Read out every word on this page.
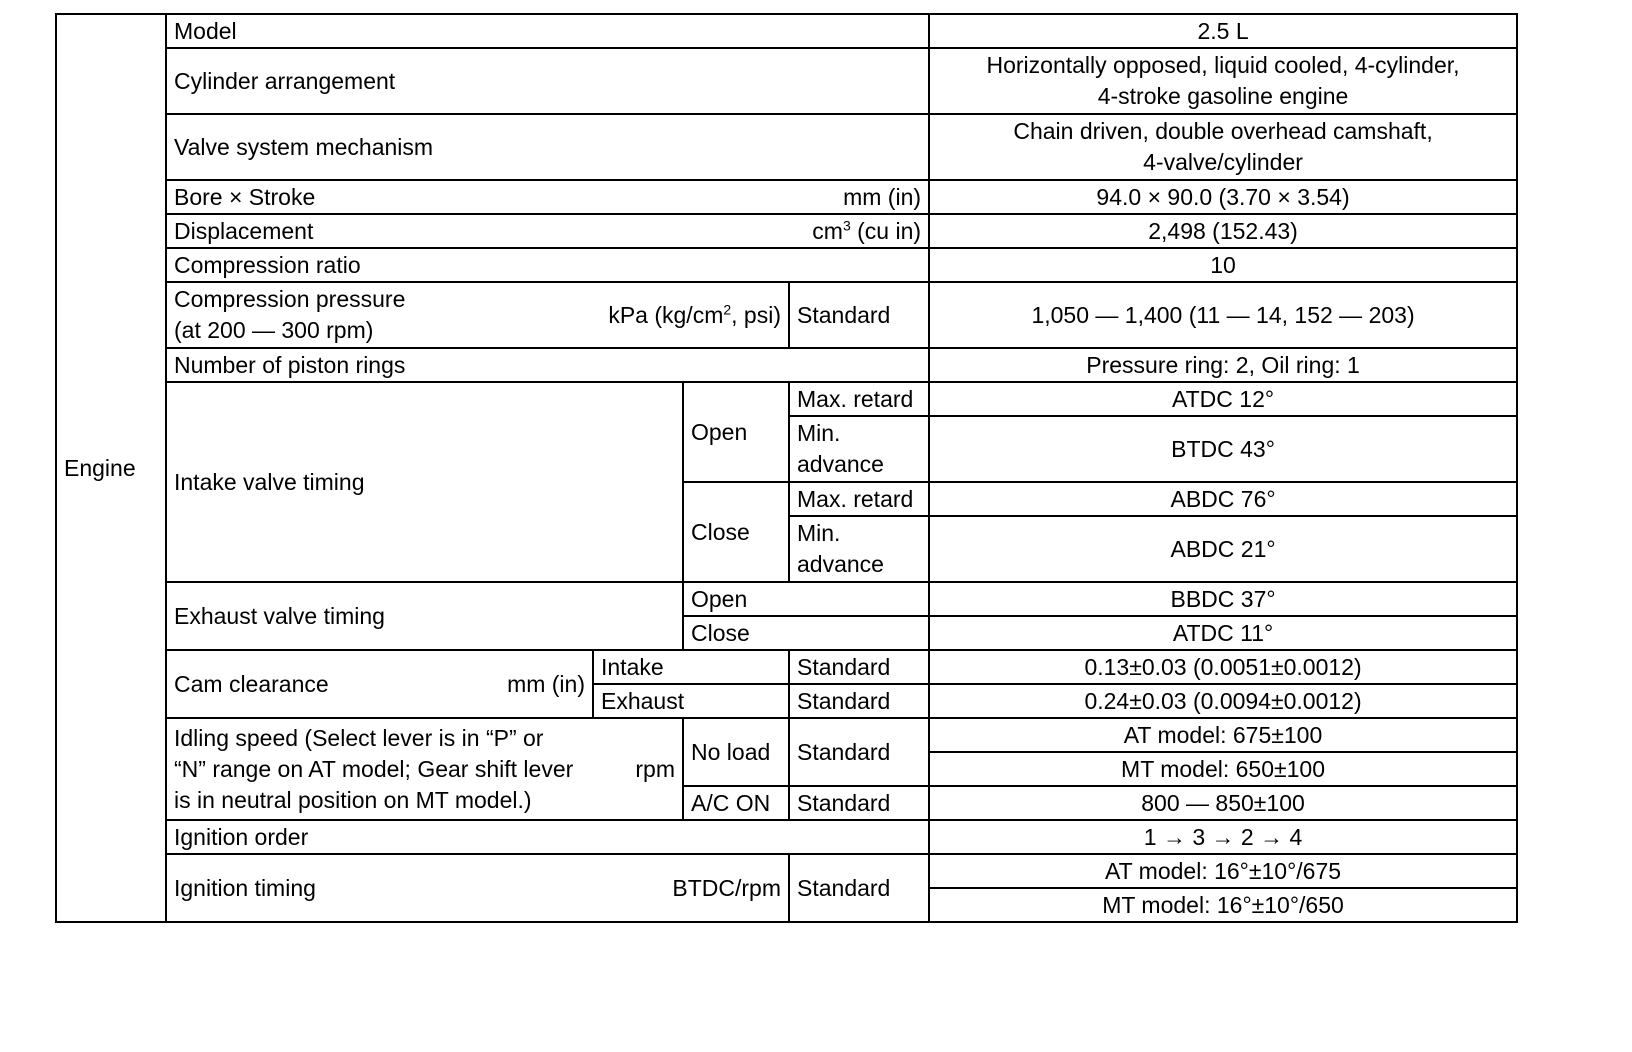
Engine	Model				2.5 L
	Cylinder arrangement				Horizontally opposed, liquid cooled, 4-cylinder,
4-stroke gasoline engine

	Valve system mechanism				Chain driven, double overhead camshaft,
4-valve/cylinder

	Bore × Stroke mm (in)				94.0 × 90.0 (3.70 × 3.54)

	Displacement $cm^3$ (cu in)				2,498 (152.43)
	Compression ratio				10

	Compression pressure
(at 200 — 300 rpm)
kPa ($kg/cm^2$, psi)			Standard	1,050 — 1,400 (11 — 14, 152 — 203)
	Number of piston rings				Pressure ring: 2, Oil ring: 1
	Intake valve timing		Open	Max. retard	ATDC 12°

				Min.
advance	BTDC 43°
			Close	Max. retard	ABDC 76°

				Min.
advance	ABDC 21°
	Exhaust valve timing		Open		BBDC 37°
			Close		ATDC 11°

	Cam clearance mm (in)	Intake		Standard	0.13±0.03 (0.0051±0.0012)
		Exhaust		Standard	0.24±0.03 (0.0094±0.0012)

	Idling speed (Select lever is in “P” or
“N” range on AT model; Gear shift lever
is in neutral position on MT model.)
rpm		No load	Standard	AT model: 675±100
					MT model: 650±100
			A/C ON	Standard	800 — 850±100
	Ignition order				1 → 3 → 2 → 4

	Ignition timing BTDC/rpm			Standard	AT model: 16°±10°/675
					MT model: 16°±10°/650
